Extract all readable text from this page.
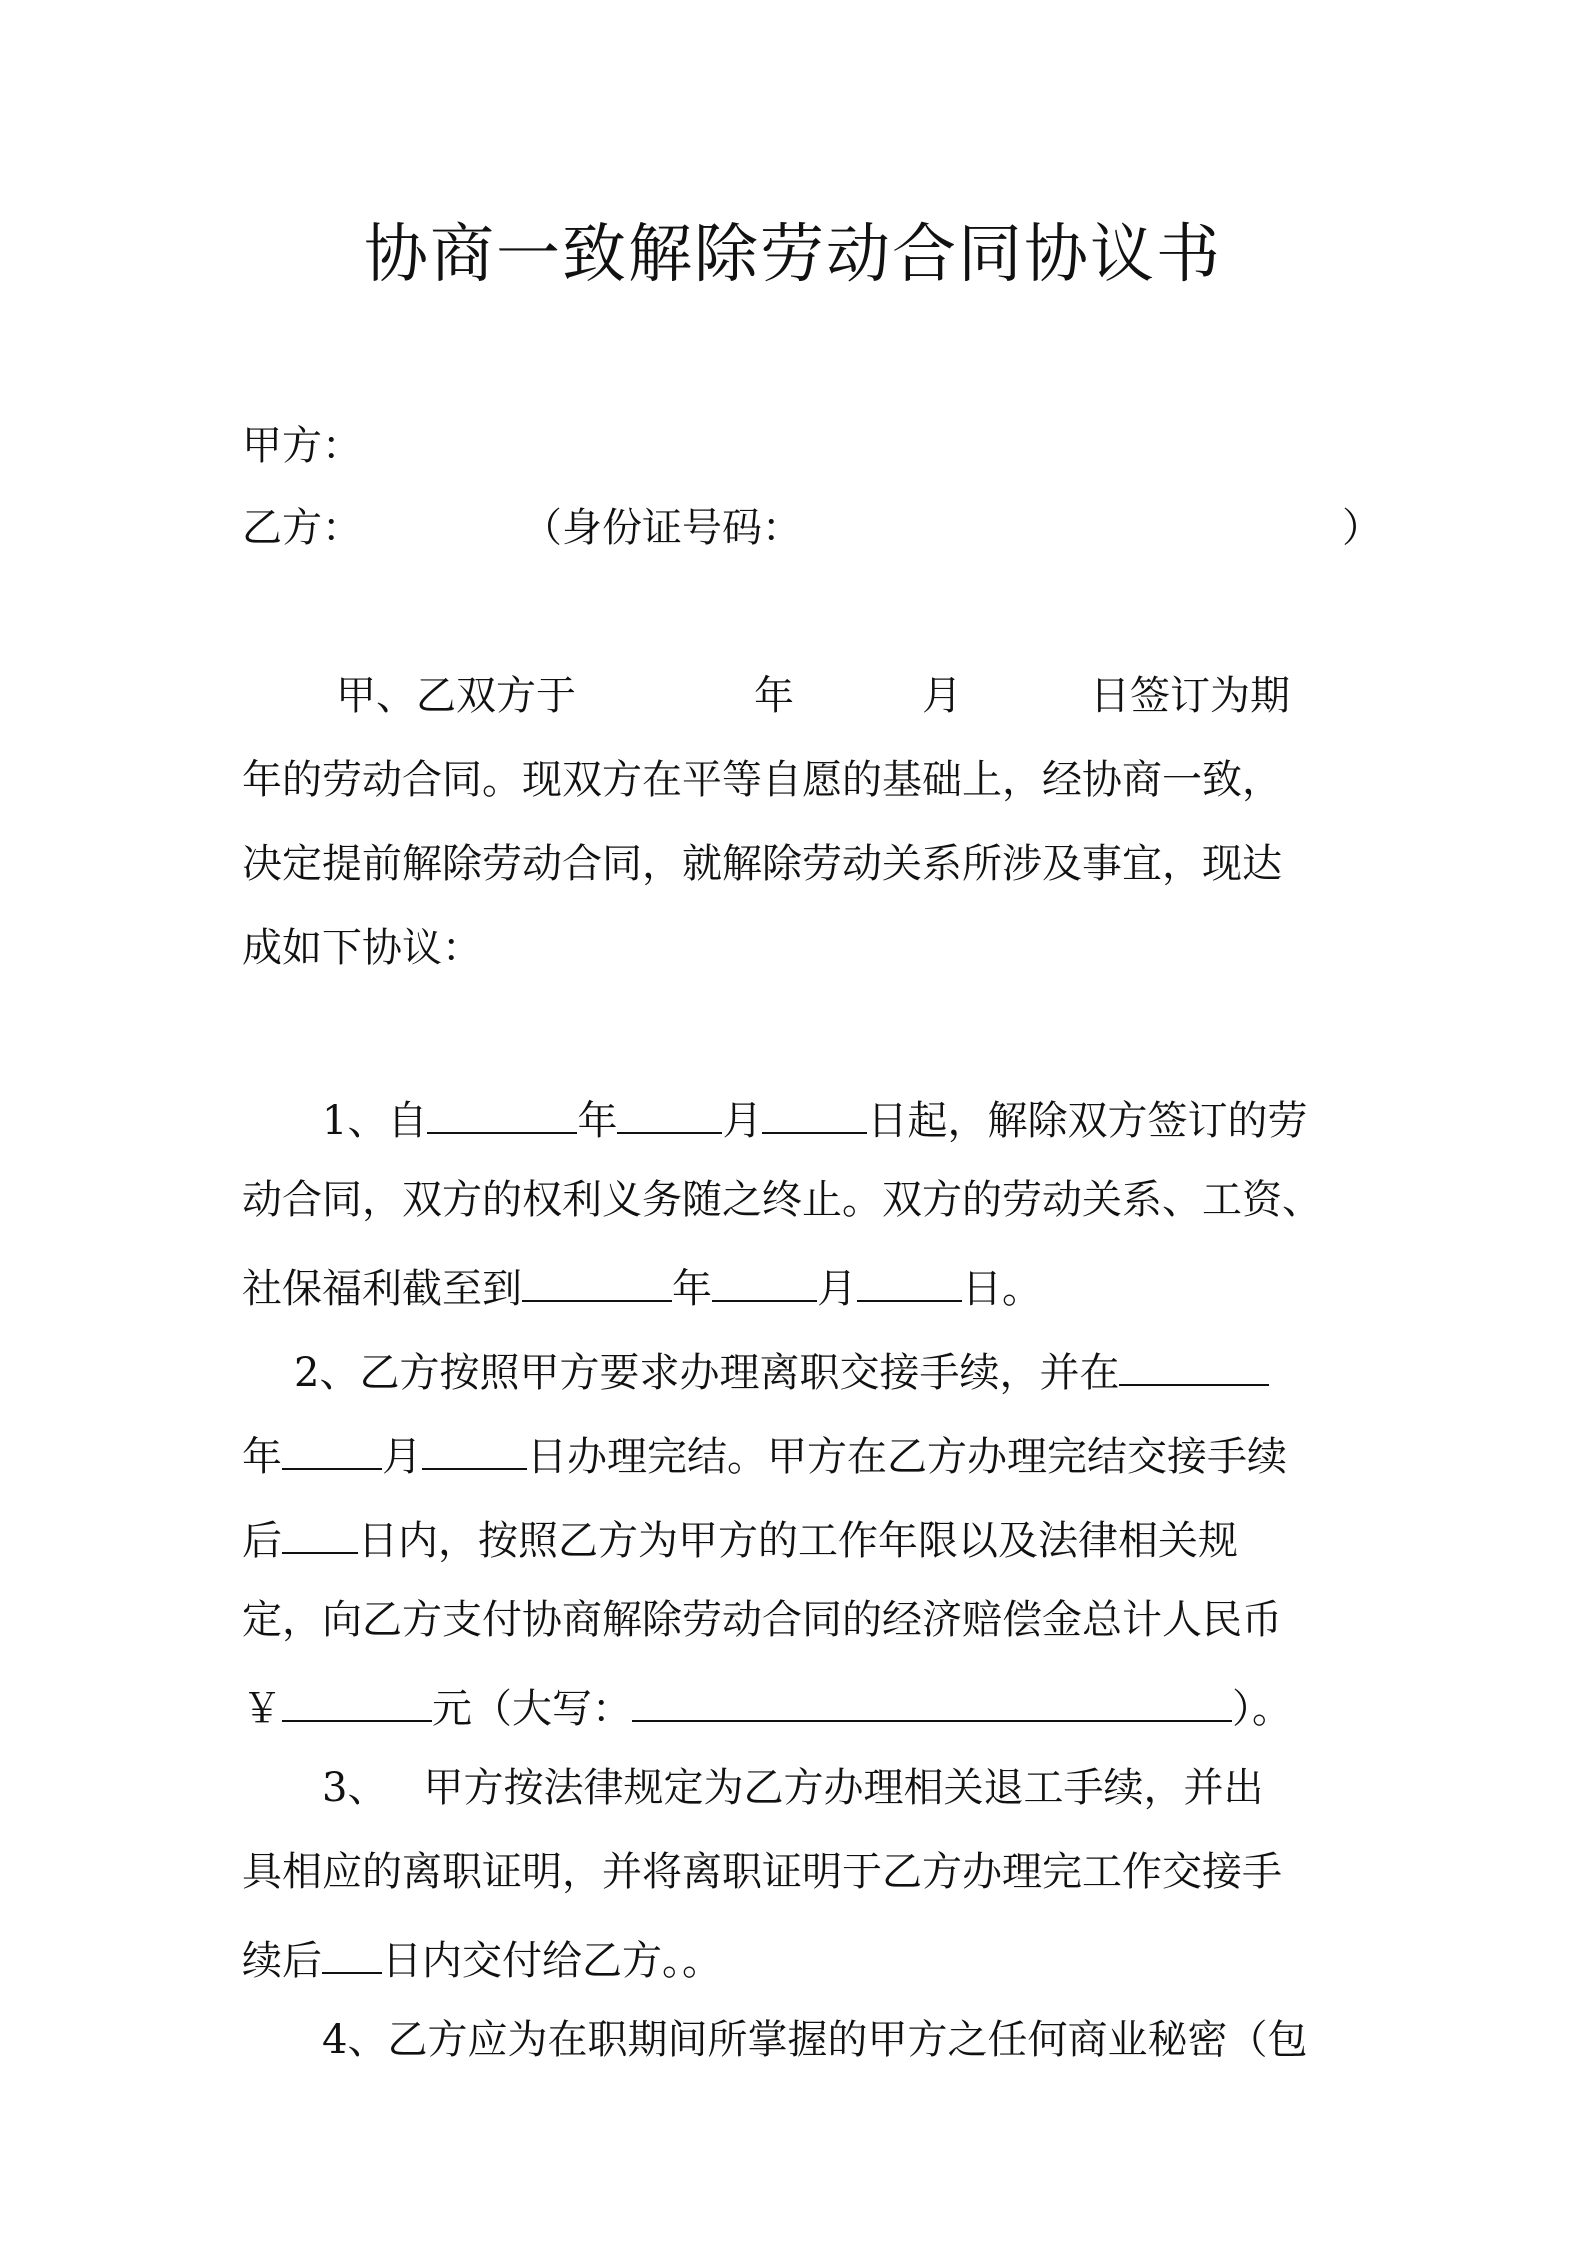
协商一致解除劳动合同协议书
甲方：
乙方：	（身份证号码：	）
甲、乙双方于	年	月	日签订为期
年的劳动合同。现双方在平等自愿的基础上，经协商一致，
决定提前解除劳动合同，就解除劳动关系所涉及事宜，现达
成如下协议：
1、自	年	月	日起，解除双方签订的劳
动合同，双方的权利义务随之终止。双方的劳动关系、工资、
社保福利截至到	年	月	日。
2、乙方按照甲方要求办理离职交接手续，并在
年	月	日办理完结。甲方在乙方办理完结交接手续
后 日内，按照乙方为甲方的工作年限以及法律相关规
定，向乙方支付协商解除劳动合同的经济赔偿金总计人民币
￥	元（大写：	）。
3、 甲方按法律规定为乙方办理相关退工手续，并出
具相应的离职证明，并将离职证明于乙方办理完工作交接手
续后 日内交付给乙方。。
4、乙方应为在职期间所掌握的甲方之任何商业秘密（包
